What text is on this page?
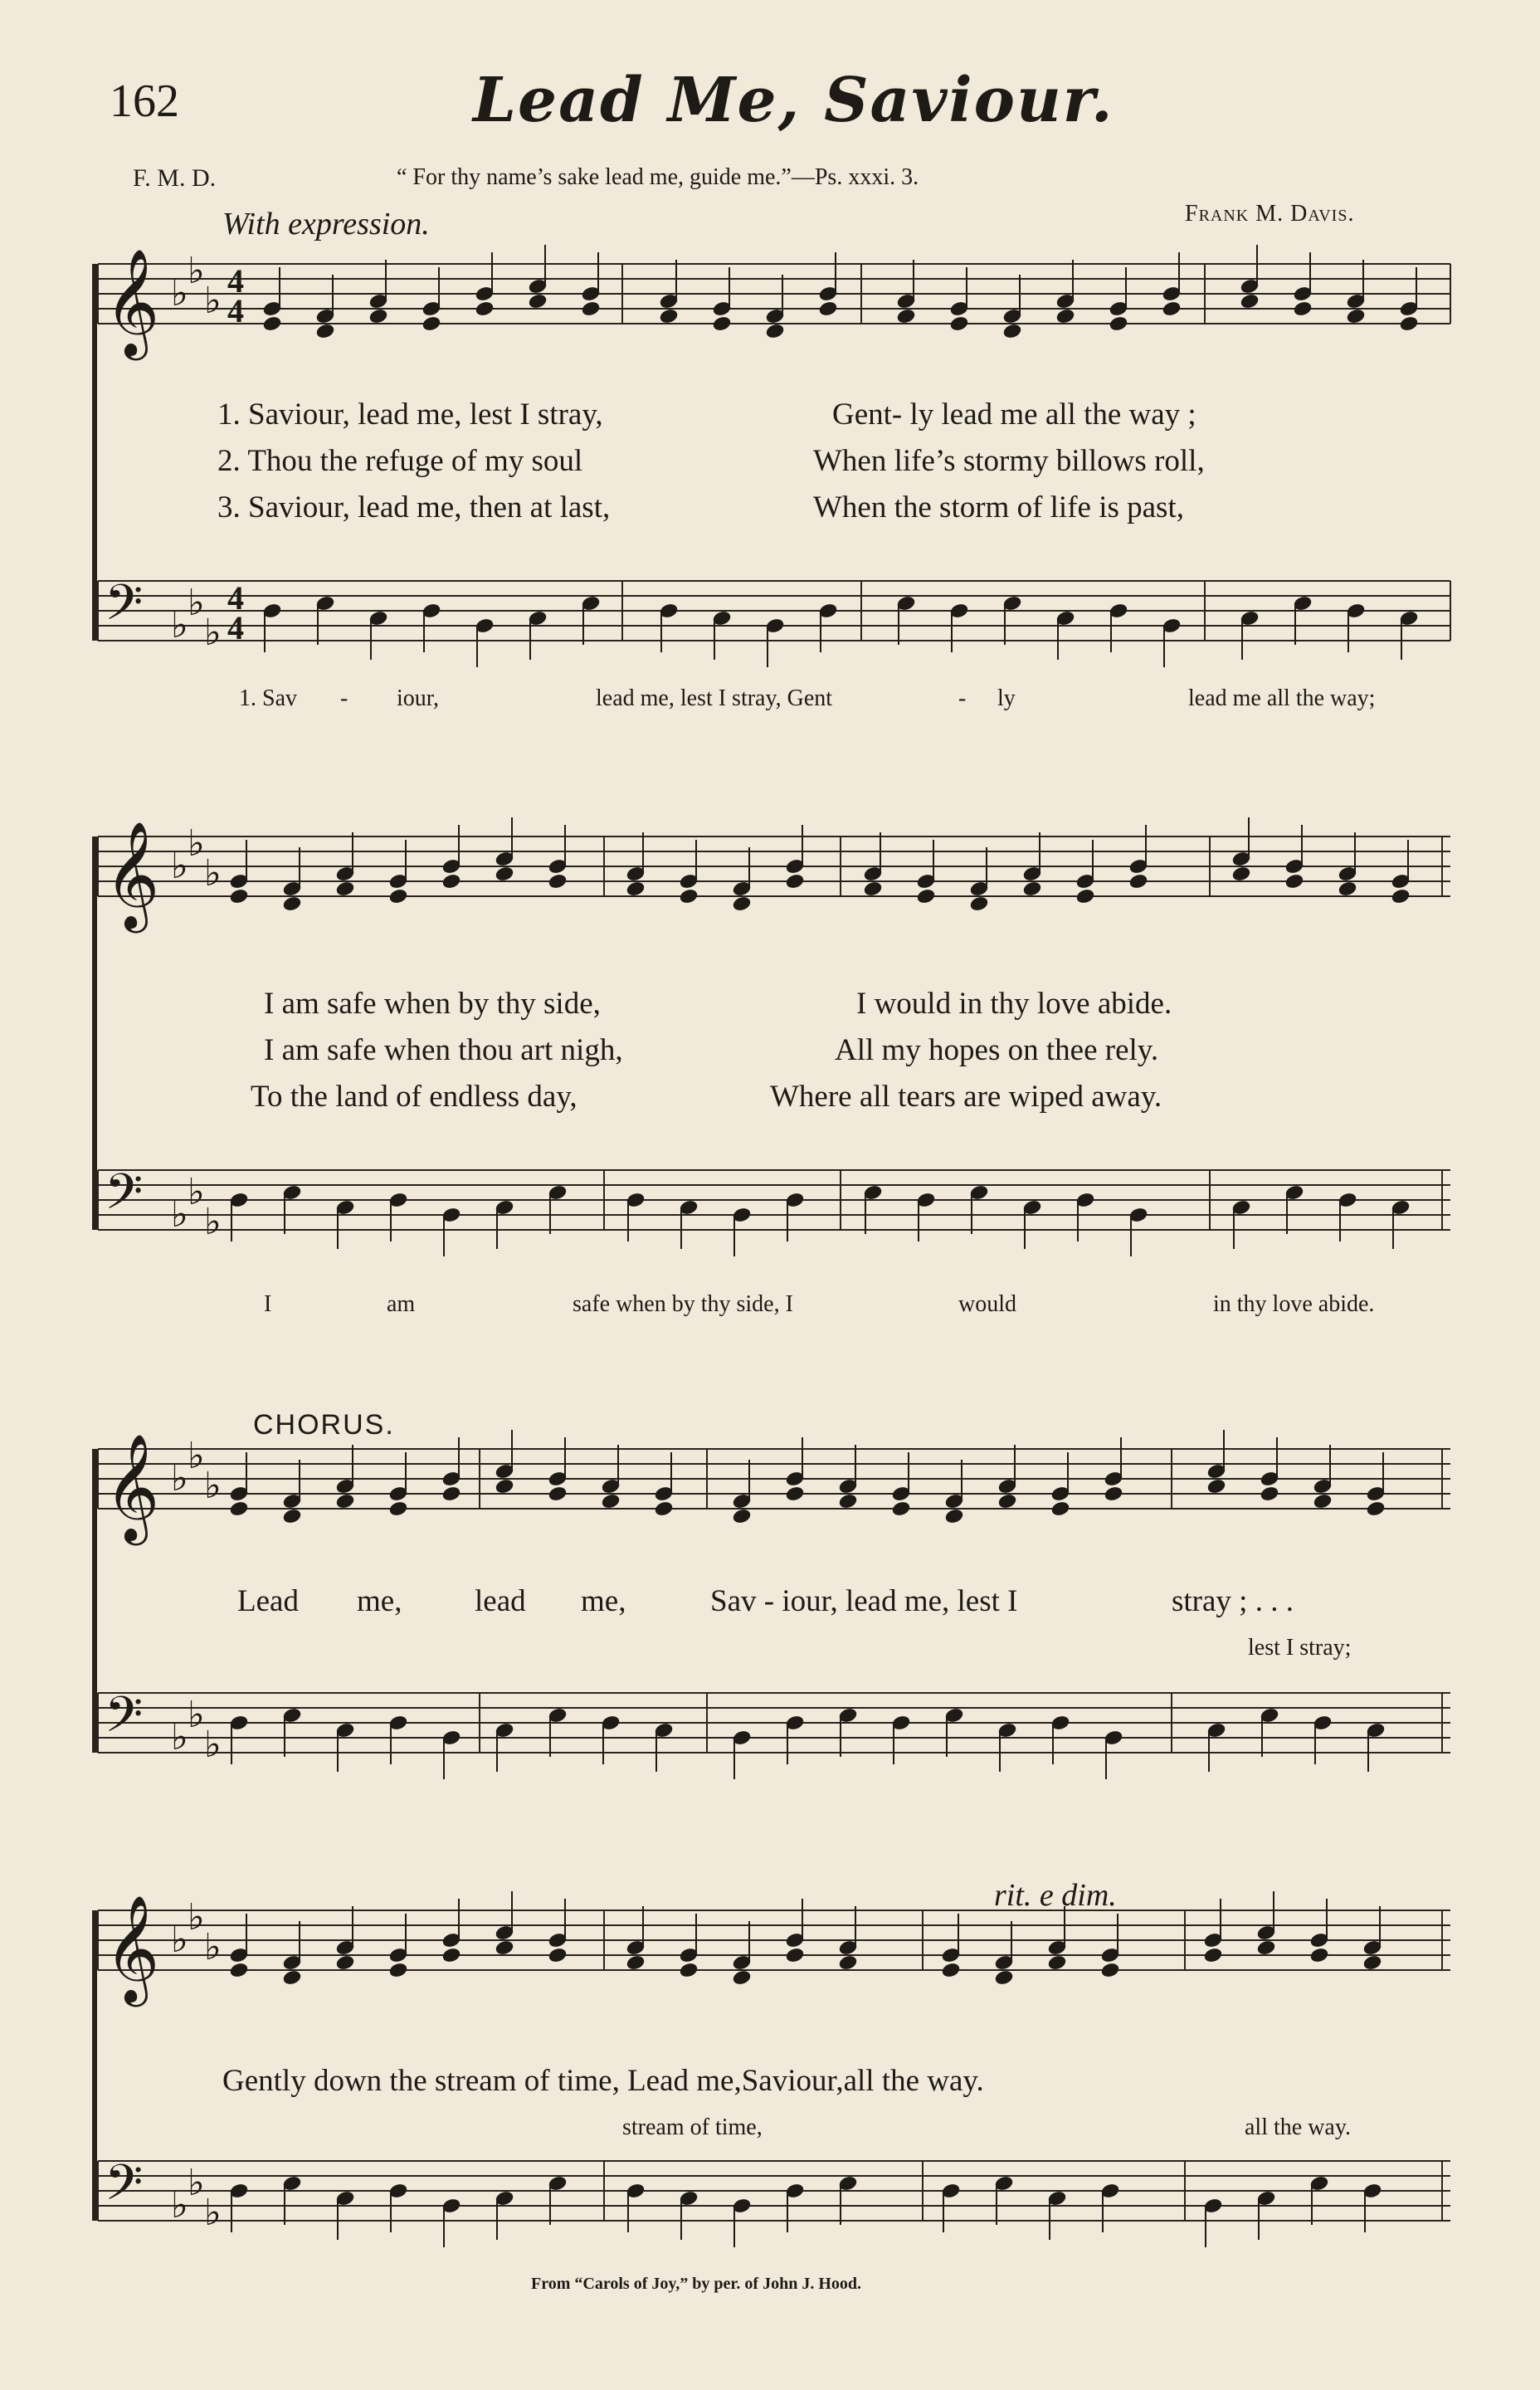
162	Lead Me, Saviour.
F. M. D.	“ For thy name’s sake lead me, guide me.”—Ps. xxxi. 3.
Frank M. Davis.
With expression.
CHORUS.
rit. e dim.
𝄞 ♭
♭
♭ 4
4
𝄢 ♭
♭
♭
4
4
𝄞 ♭
♭
♭
𝄢 ♭
♭
♭
𝄞 ♭
♭
♭
𝄢 ♭
♭
♭
𝄞 ♭
♭
♭
𝄢 ♭
♭
♭
1. Saviour, lead me, lest I stray,	Gent- ly lead me all the way ;
2. Thou the refuge of my soul	When life’s stormy billows roll,
3. Saviour, lead me, then at last,	When the storm of life is past,
1. Sav - iour,	lead me, lest I stray, Gent	- ly	lead me all the way;
I am safe when by thy side,	I would in thy love abide.
I am safe when thou art nigh,	All my hopes on thee rely.
To the land of endless day,	Where all tears are wiped away.
I	am	safe when by thy side, I	would	in thy love abide.
Lead me, lead me,	Sav - iour, lead me, lest I	stray ; . . .
lest I stray;
Gently down the stream of time, Lead me,Saviour,all the way.
stream of time,	all the way.
From “Carols of Joy,” by per. of John J. Hood.
